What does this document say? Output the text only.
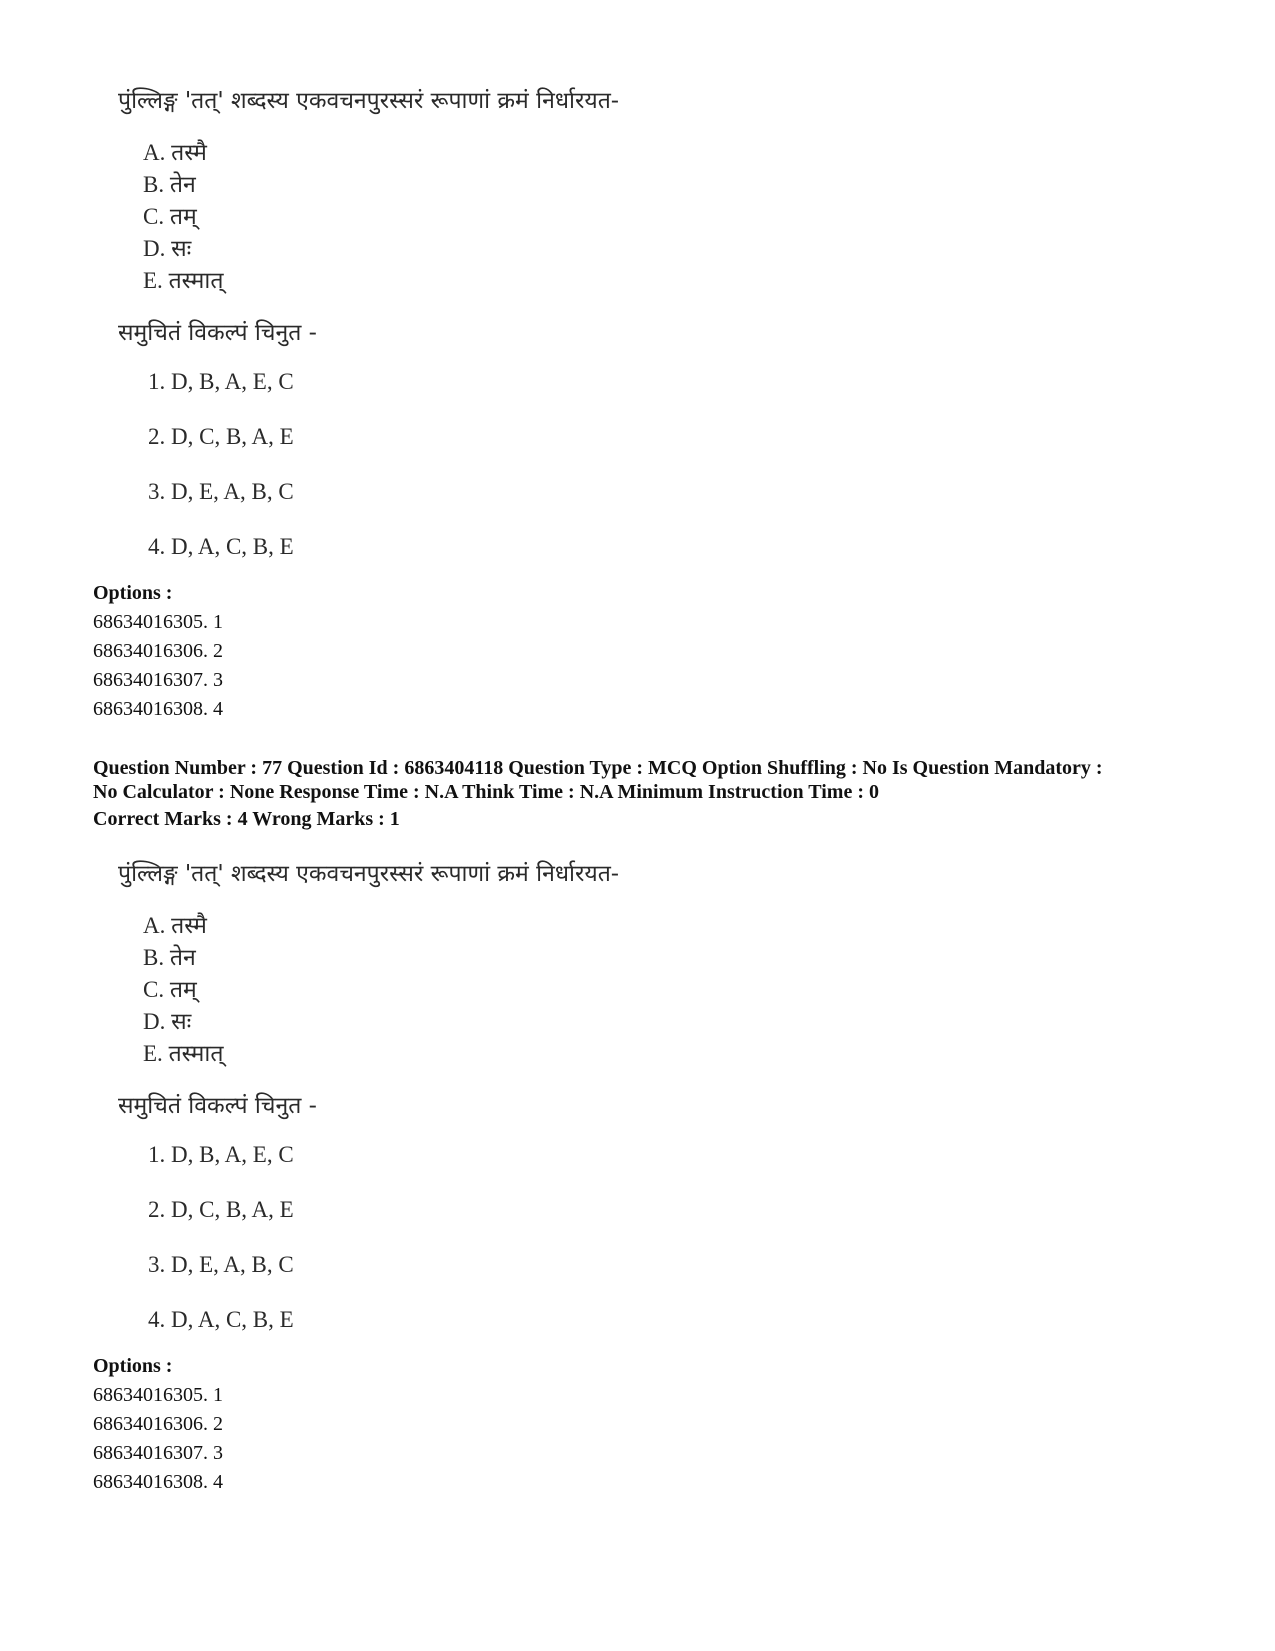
पुंल्लिङ्ग 'तत्' शब्दस्य एकवचनपुरस्सरं रूपाणां क्रमं निर्धारयत-
A. तस्मै
B. तेन
C. तम्
D. सः
E. तस्मात्
समुचितं विकल्पं चिनुत -
1. D, B, A, E, C
2. D, C, B, A, E
3. D, E, A, B, C
4. D, A, C, B, E
Options :
68634016305. 1
68634016306. 2
68634016307. 3
68634016308. 4
Question Number : 77 Question Id : 6863404118 Question Type : MCQ Option Shuffling : No Is Question Mandatory :
No Calculator : None Response Time : N.A Think Time : N.A Minimum Instruction Time : 0
Correct Marks : 4 Wrong Marks : 1
पुंल्लिङ्ग 'तत्' शब्दस्य एकवचनपुरस्सरं रूपाणां क्रमं निर्धारयत-
A. तस्मै
B. तेन
C. तम्
D. सः
E. तस्मात्
समुचितं विकल्पं चिनुत -
1. D, B, A, E, C
2. D, C, B, A, E
3. D, E, A, B, C
4. D, A, C, B, E
Options :
68634016305. 1
68634016306. 2
68634016307. 3
68634016308. 4
